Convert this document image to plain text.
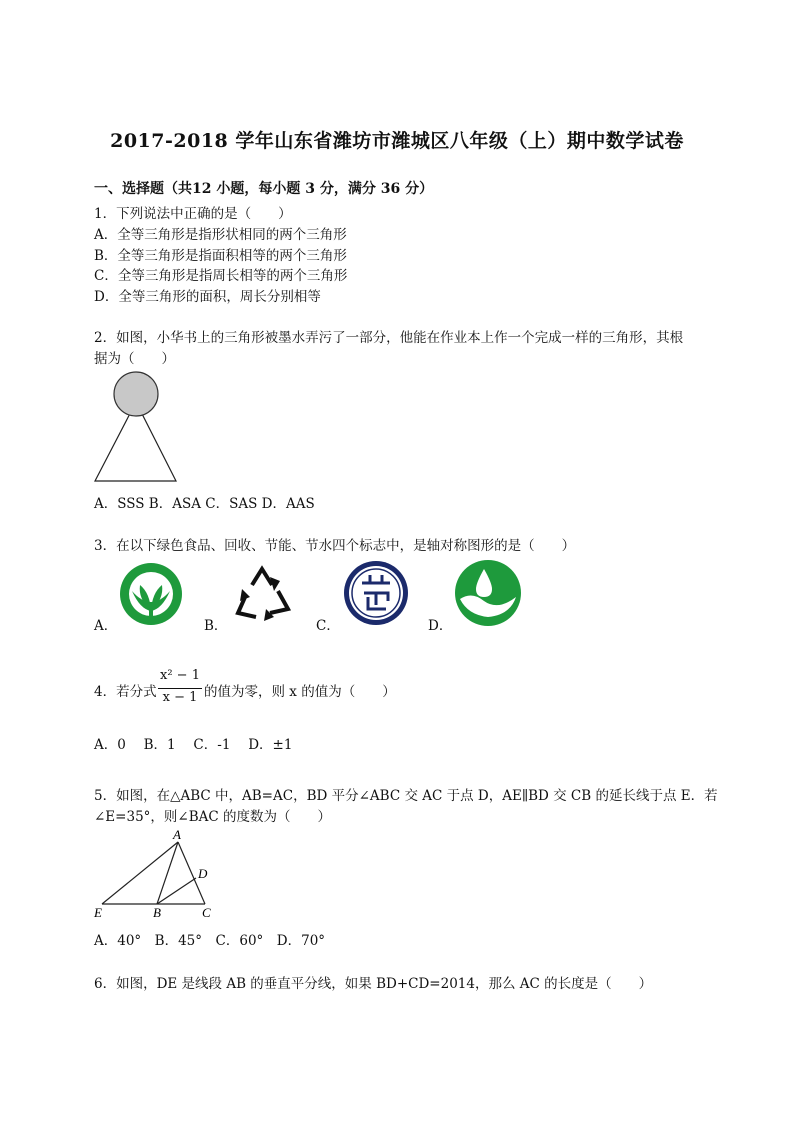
2017-2018 学年山东省潍坊市潍城区八年级（上）期中数学试卷
一、选择题（共12 小题，每小题 3 分，满分 36 分）
1．下列说法中正确的是（　　）
A．全等三角形是指形状相同的两个三角形
B．全等三角形是指面积相等的两个三角形
C．全等三角形是指周长相等的两个三角形
D．全等三角形的面积，周长分别相等
2．如图，小华书上的三角形被墨水弄污了一部分，他能在作业本上作一个完成一样的三角形，其根
据为（　　）
A．SSS B．ASA C．SAS D．AAS
3．在以下绿色食品、回收、节能、节水四个标志中，是轴对称图形的是（　　）
A．	B．	C．	D．
4．若分式
x² − 1
x − 1 的值为零，则 x 的值为（　　）
A．0　 B．1　 C．-1　 D．±1
5．如图，在△ABC 中，AB=AC，BD 平分∠ABC 交 AC 于点 D，AE∥BD 交 CB 的延长线于点 E．若
∠E=35°，则∠BAC 的度数为（　　）
A
D
E	B	C
A．40°　B．45°　C．60°　D．70°
6．如图，DE 是线段 AB 的垂直平分线，如果 BD+CD=2014，那么 AC 的长度是（　　）
